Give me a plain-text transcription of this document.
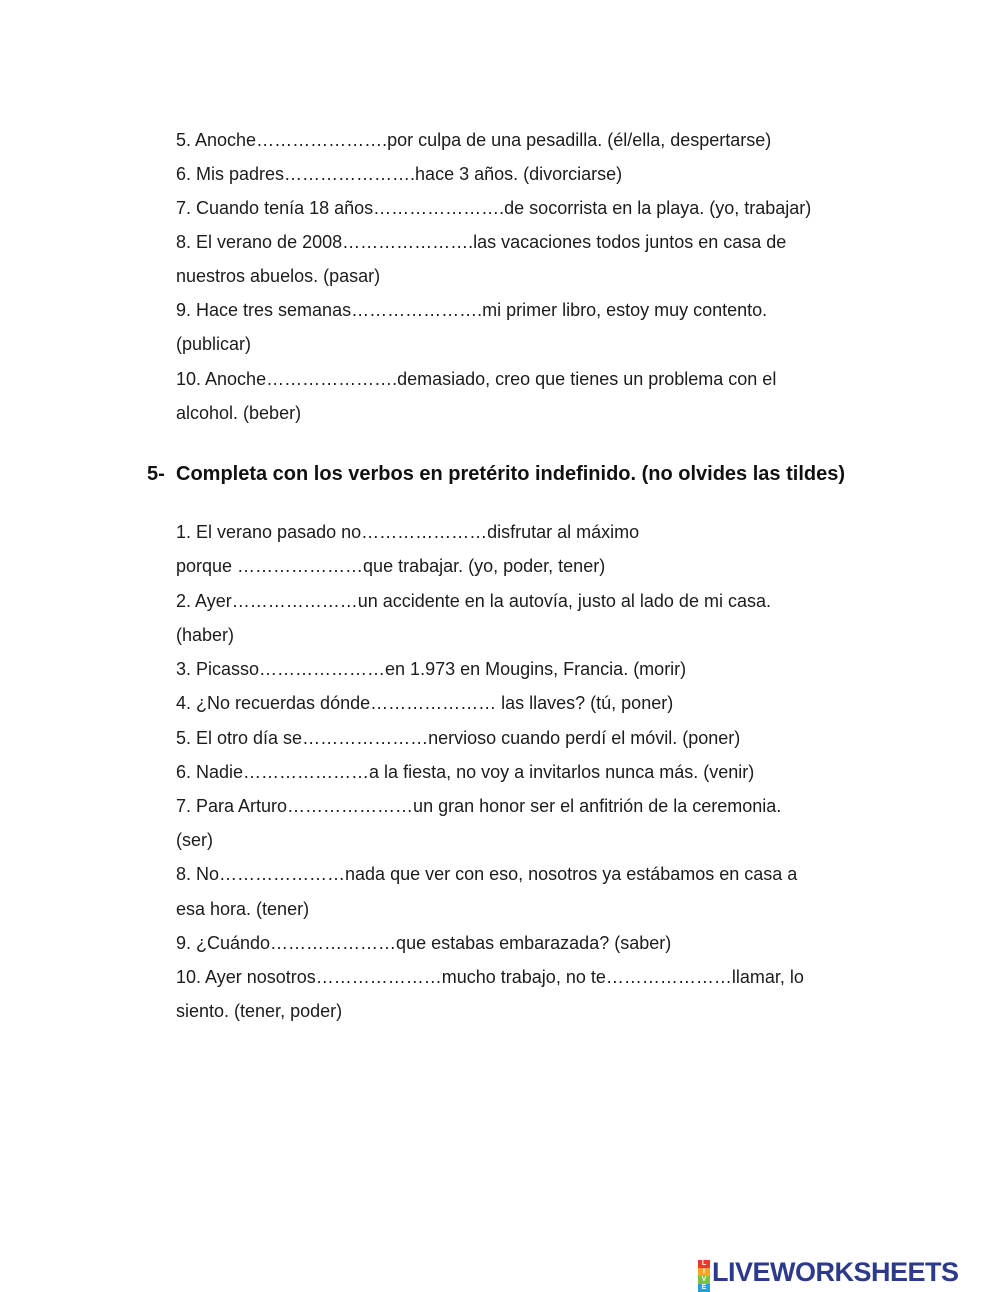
5. Anoche………………….por culpa de una pesadilla. (él/ella, despertarse)
6. Mis padres………………….hace 3 años. (divorciarse)
7. Cuando tenía 18 años………………….de socorrista en la playa. (yo, trabajar)
8. El verano de 2008………………….las vacaciones todos juntos en casa de
nuestros abuelos. (pasar)
9. Hace tres semanas………………….mi primer libro, estoy muy contento.
(publicar)
10. Anoche………………….demasiado, creo que tienes un problema con el
alcohol. (beber)
5- Completa con los verbos en pretérito indefinido. (no olvides las tildes)
1. El verano pasado no…………………disfrutar al máximo
porque …………………que trabajar. (yo, poder, tener)
2. Ayer…………………un accidente en la autovía, justo al lado de mi casa.
(haber)
3. Picasso…………………en 1.973 en Mougins, Francia. (morir)
4. ¿No recuerdas dónde………………… las llaves? (tú, poner)
5. El otro día se…………………nervioso cuando perdí el móvil. (poner)
6. Nadie…………………a la fiesta, no voy a invitarlos nunca más. (venir)
7. Para Arturo…………………un gran honor ser el anfitrión de la ceremonia.
(ser)
8. No…………………nada que ver con eso, nosotros ya estábamos en casa a
esa hora. (tener)
9. ¿Cuándo…………………que estabas embarazada? (saber)
10. Ayer nosotros…………………mucho trabajo, no te…………………llamar, lo
siento. (tener, poder)
L
I
V
E
LIVEWORKSHEETS
